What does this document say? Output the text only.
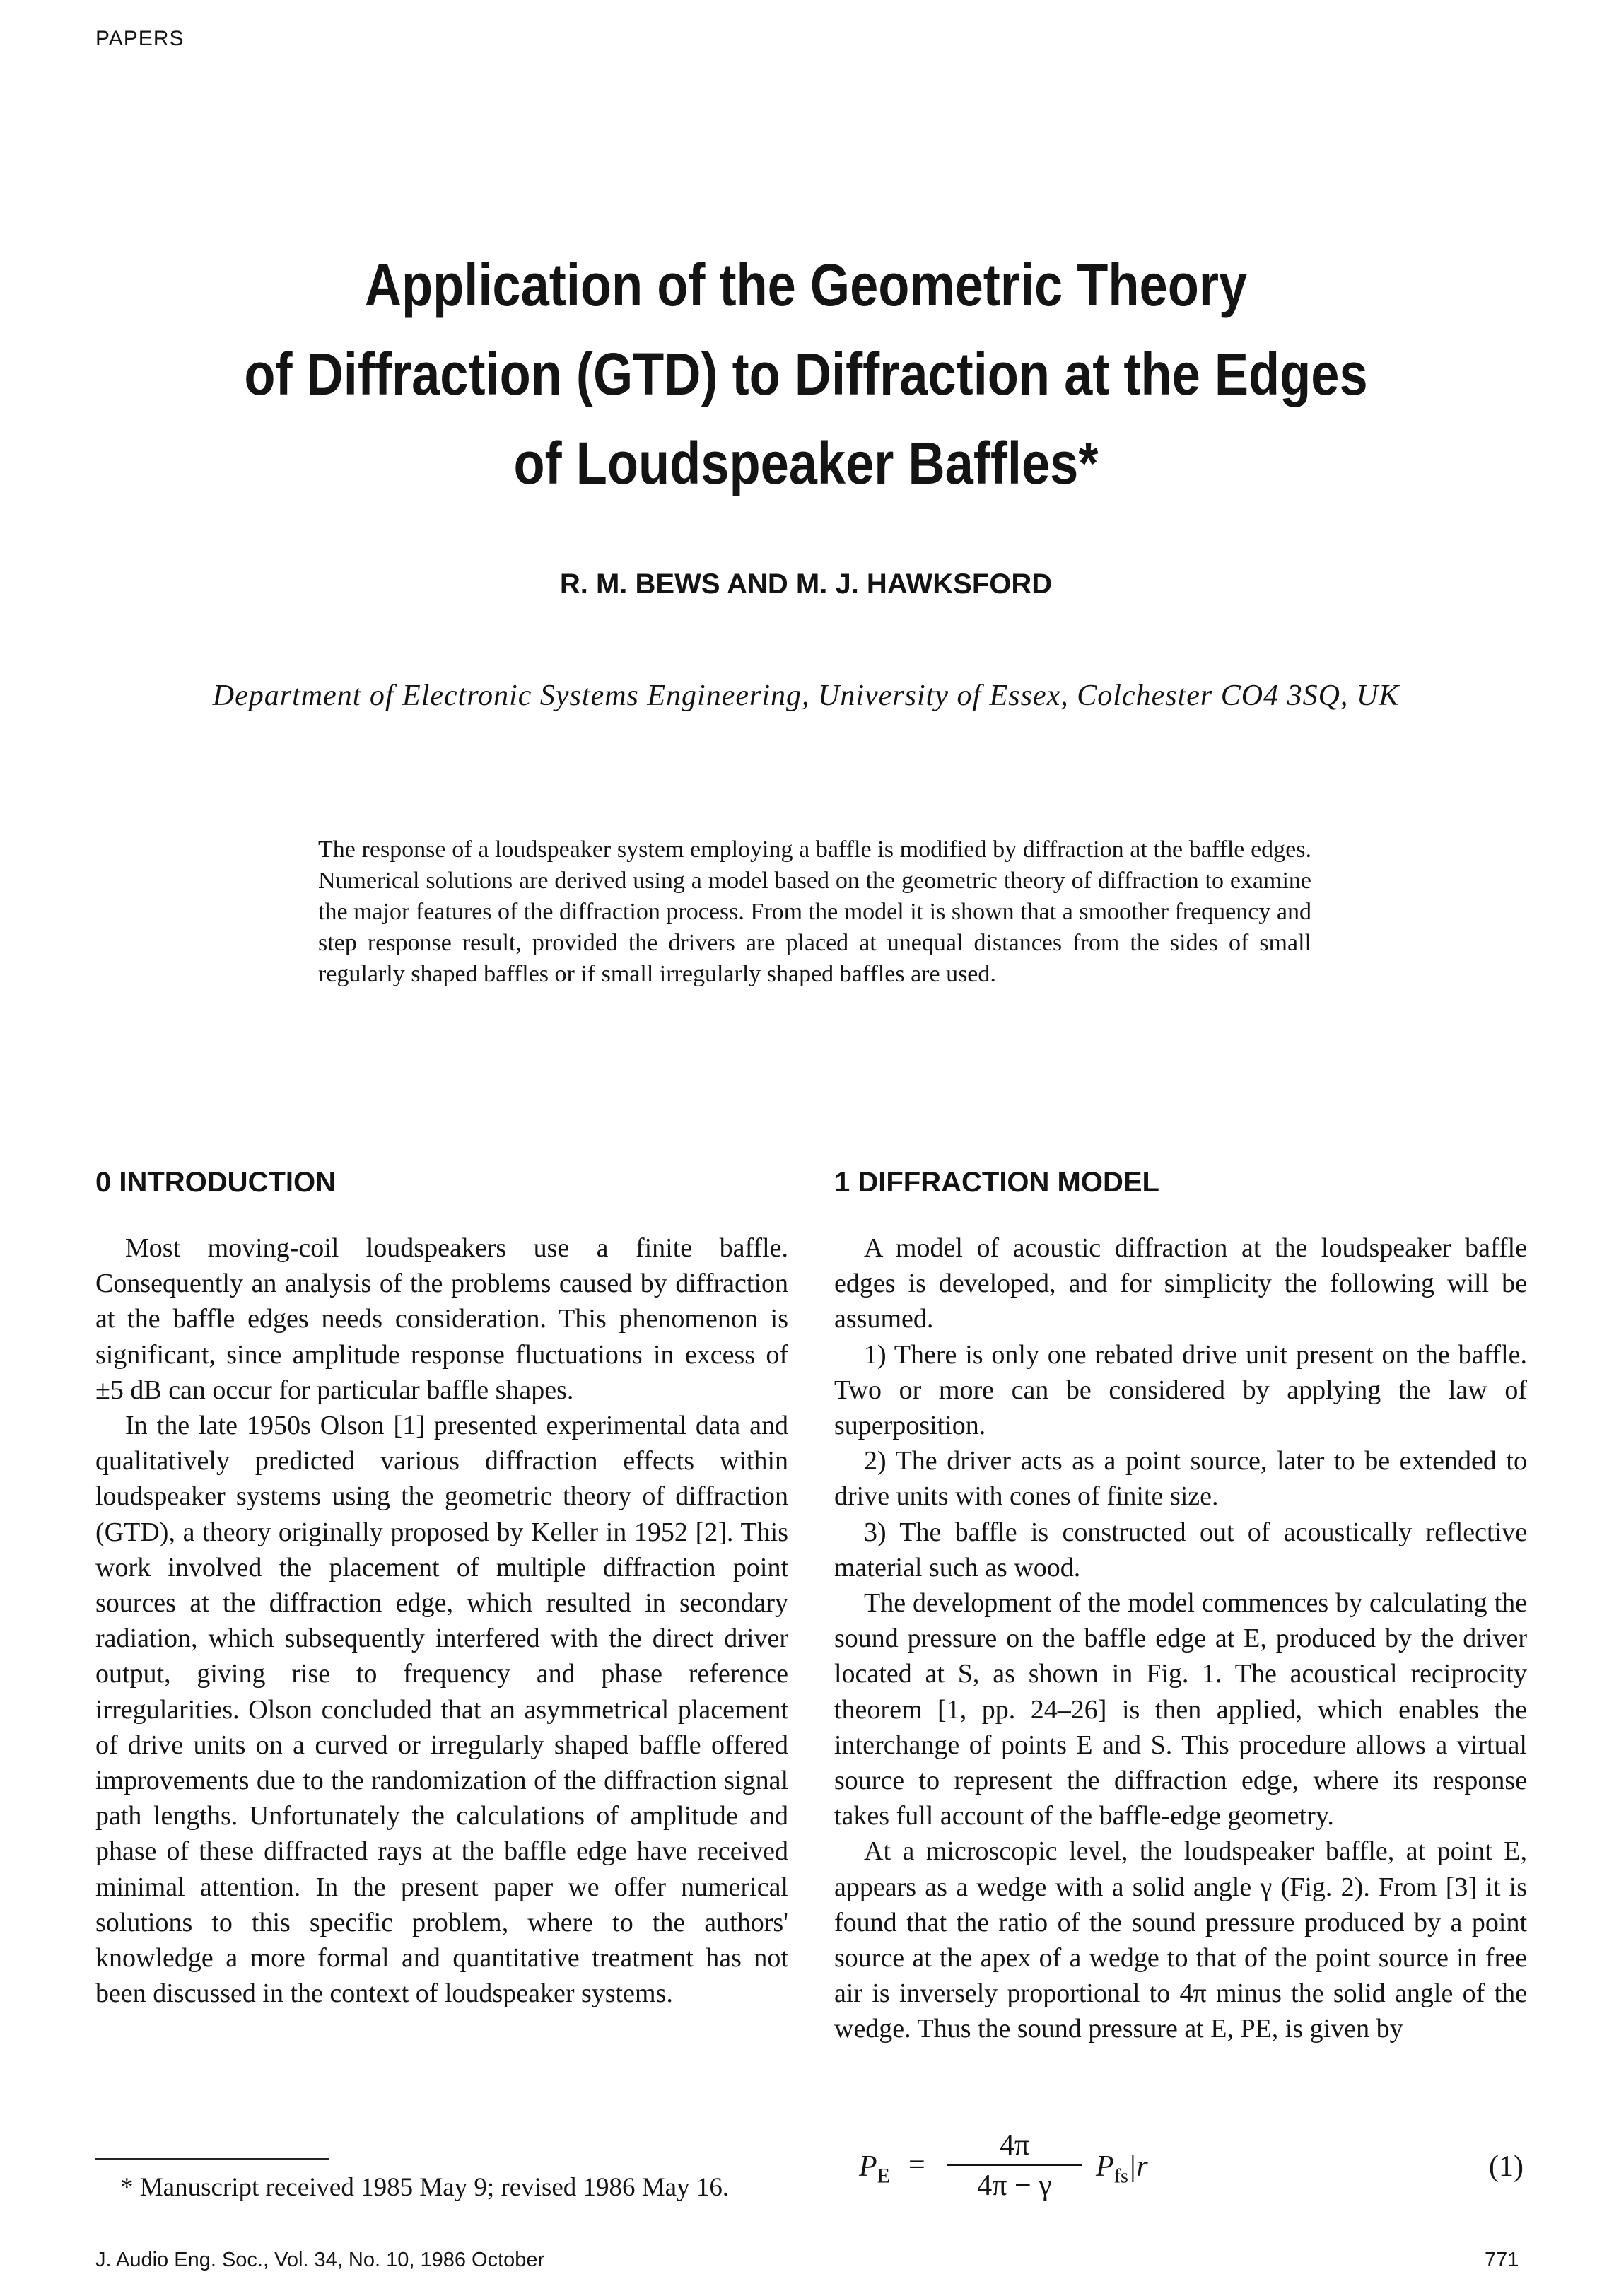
PAPERS
Application of the Geometric Theory
of Diffraction (GTD) to Diffraction at the Edges
of Loudspeaker Baffles*
R. M. BEWS AND M. J. HAWKSFORD
Department of Electronic Systems Engineering, University of Essex, Colchester CO4 3SQ, UK
The response of a loudspeaker system employing a baffle is modified by diffraction at the baffle edges. Numerical solutions are derived using a model based on the geometric theory of diffraction to examine the major features of the diffraction process. From the model it is shown that a smoother frequency and step response result, provided the drivers are placed at unequal distances from the sides of small regularly shaped baffles or if small irregularly shaped baffles are used.
0 INTRODUCTION

Most moving-coil loudspeakers use a finite baffle. Consequently an analysis of the problems caused by diffraction at the baffle edges needs consideration. This phenomenon is significant, since amplitude response fluctuations in excess of ±5 dB can occur for particular baffle shapes.

In the late 1950s Olson [1] presented experimental data and qualitatively predicted various diffraction effects within loudspeaker systems using the geometric theory of diffraction (GTD), a theory originally proposed by Keller in 1952 [2]. This work involved the placement of multiple diffraction point sources at the diffraction edge, which resulted in secondary radiation, which subsequently interfered with the direct driver output, giving rise to frequency and phase reference irregularities. Olson concluded that an asymmetrical placement of drive units on a curved or irregularly shaped baffle offered improvements due to the randomization of the diffraction signal path lengths. Unfortunately the calculations of amplitude and phase of these diffracted rays at the baffle edge have received minimal attention. In the present paper we offer numerical solutions to this specific problem, where to the authors' knowledge a more formal and quantitative treatment has not been discussed in the context of loudspeaker systems.

1 DIFFRACTION MODEL

A model of acoustic diffraction at the loudspeaker baffle edges is developed, and for simplicity the following will be assumed.

1) There is only one rebated drive unit present on the baffle. Two or more can be considered by applying the law of superposition.

2) The driver acts as a point source, later to be extended to drive units with cones of finite size.

3) The baffle is constructed out of acoustically reflective material such as wood.

The development of the model commences by calculating the sound pressure on the baffle edge at E, produced by the driver located at S, as shown in Fig. 1. The acoustical reciprocity theorem [1, pp. 24–26] is then applied, which enables the interchange of points E and S. This procedure allows a virtual source to represent the diffraction edge, where its response takes full account of the baffle-edge geometry.

At a microscopic level, the loudspeaker baffle, at point E, appears as a wedge with a solid angle γ (Fig. 2). From [3] it is found that the ratio of the sound pressure produced by a point source at the apex of a wedge to that of the point source in free air is inversely proportional to 4π minus the solid angle of the wedge. Thus the sound pressure at E, PE, is given by

$P_E$ =
4π
4π − γ
$P_{fs}|r$	(1)
* Manuscript received 1985 May 9; revised 1986 May 16.
J. Audio Eng. Soc., Vol. 34, No. 10, 1986 October	771
